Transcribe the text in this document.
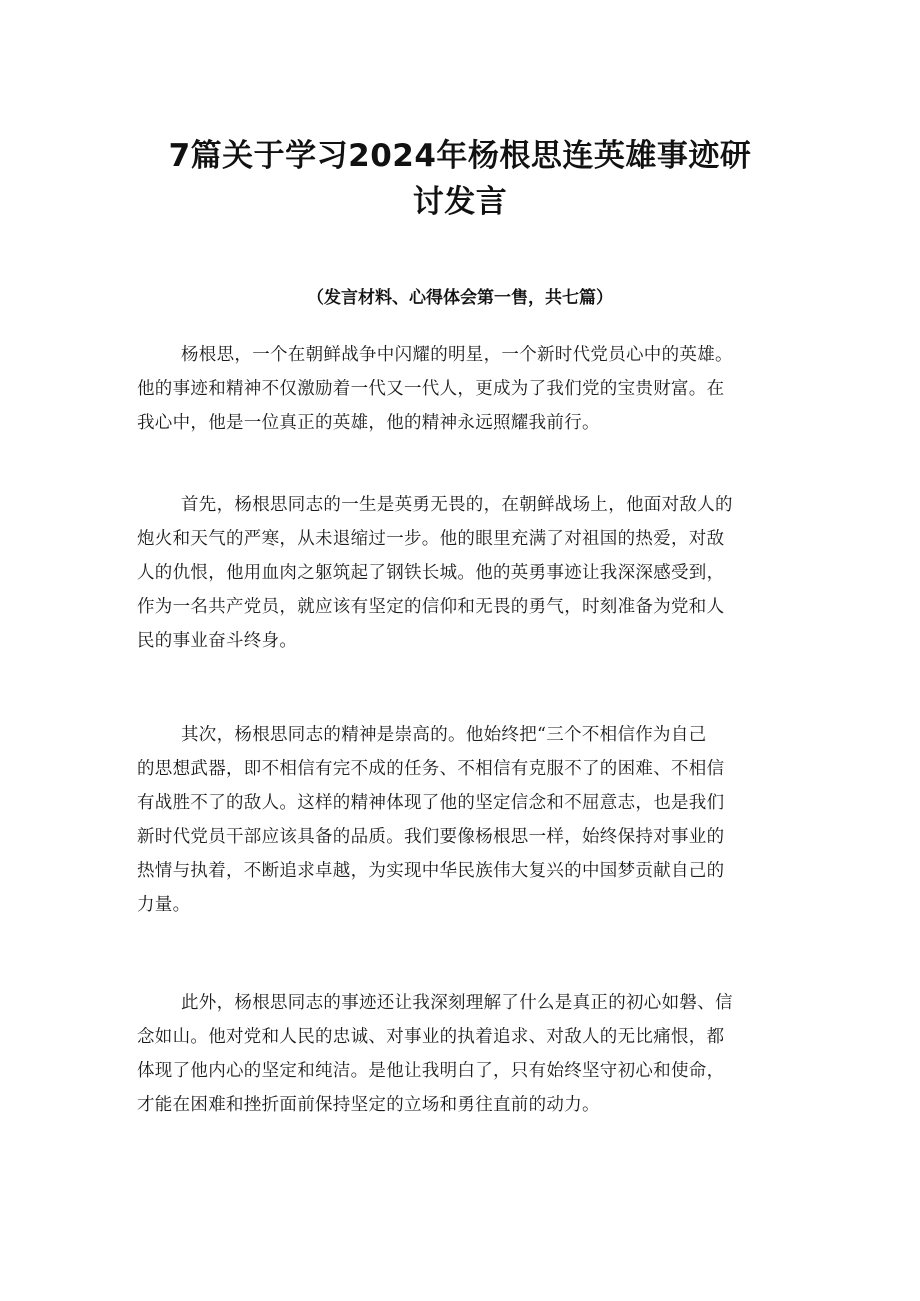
7篇关于学习2024年杨根思连英雄事迹研
讨发言
（发言材料、心得体会第一售，共七篇）
杨根思，一个在朝鲜战争中闪耀的明星，一个新时代党员心中的英雄。
他的事迹和精神不仅激励着一代又一代人，更成为了我们党的宝贵财富。在
我心中，他是一位真正的英雄，他的精神永远照耀我前行。
首先，杨根思同志的一生是英勇无畏的，在朝鲜战场上，他面对敌人的
炮火和天气的严寒，从未退缩过一步。他的眼里充满了对祖国的热爱，对敌
人的仇恨，他用血肉之躯筑起了钢铁长城。他的英勇事迹让我深深感受到，
作为一名共产党员，就应该有坚定的信仰和无畏的勇气，时刻准备为党和人
民的事业奋斗终身。
其次，杨根思同志的精神是崇高的。他始终把“三个不相信作为自己
的思想武器，即不相信有完不成的任务、不相信有克服不了的困难、不相信
有战胜不了的敌人。这样的精神体现了他的坚定信念和不屈意志，也是我们
新时代党员干部应该具备的品质。我们要像杨根思一样，始终保持对事业的
热情与执着，不断追求卓越，为实现中华民族伟大复兴的中国梦贡献自己的
力量。
此外，杨根思同志的事迹还让我深刻理解了什么是真正的初心如磐、信
念如山。他对党和人民的忠诚、对事业的执着追求、对敌人的无比痛恨，都
体现了他内心的坚定和纯洁。是他让我明白了，只有始终坚守初心和使命，
才能在困难和挫折面前保持坚定的立场和勇往直前的动力。
